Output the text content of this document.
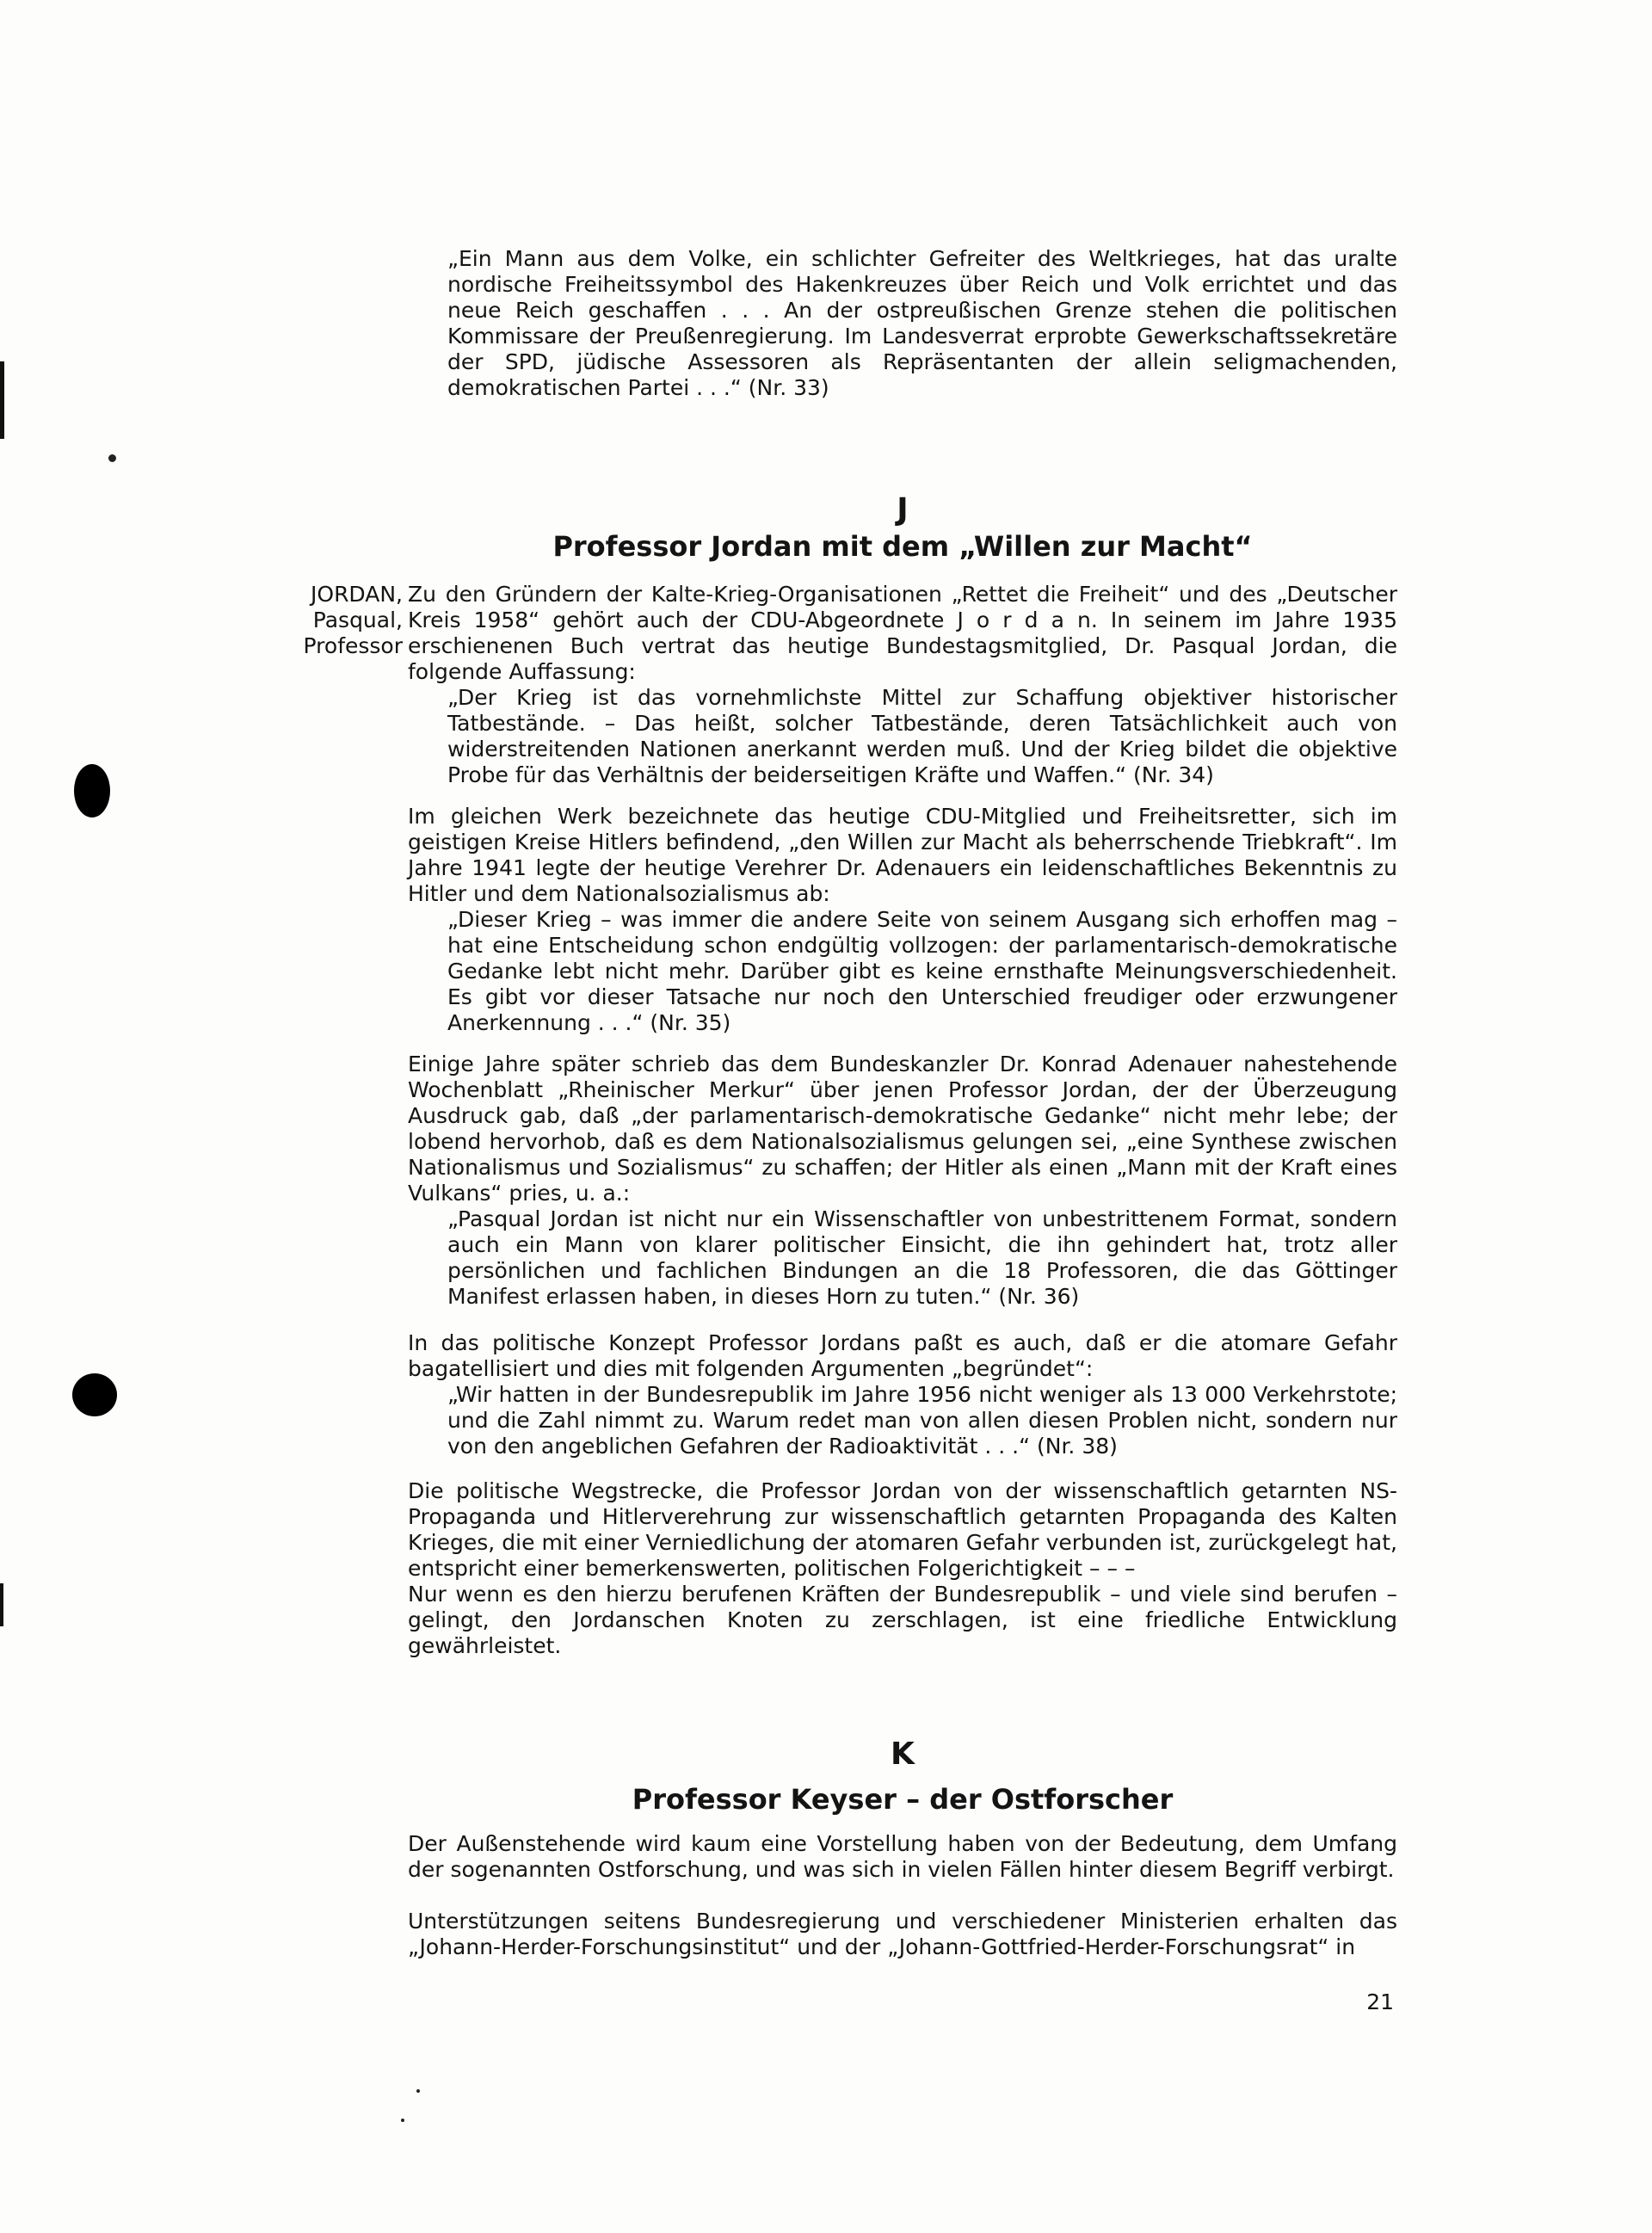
„Ein Mann aus dem Volke, ein schlichter Gefreiter des Weltkrieges, hat das uralte nordische Freiheitssymbol des Hakenkreuzes über Reich und Volk errichtet und das neue Reich geschaffen . . . An der ostpreußischen Grenze stehen die politischen Kommissare der Preußenregierung. Im Landesverrat erprobte Gewerkschaftssekretäre der SPD, jüdische Assessoren als Repräsentanten der allein seligmachenden, demokratischen Partei . . .“ (Nr. 33)
J
Professor Jordan mit dem „Willen zur Macht“
JORDAN,
Pasqual,
Professor
Zu den Gründern der Kalte-Krieg-Organisationen „Rettet die Freiheit“ und des „Deutscher Kreis 1958“ gehört auch der CDU-Abgeordnete J o r d a n. In seinem im Jahre 1935 erschienenen Buch vertrat das heutige Bundestagsmitglied, Dr. Pasqual Jordan, die folgende Auffassung:
„Der Krieg ist das vornehmlichste Mittel zur Schaffung objektiver historischer Tatbestände. – Das heißt, solcher Tatbestände, deren Tatsächlichkeit auch von widerstreitenden Nationen anerkannt werden muß. Und der Krieg bildet die objektive Probe für das Verhältnis der beiderseitigen Kräfte und Waffen.“ (Nr. 34)
Im gleichen Werk bezeichnete das heutige CDU-Mitglied und Freiheitsretter, sich im geistigen Kreise Hitlers befindend, „den Willen zur Macht als beherrschende Triebkraft“. Im Jahre 1941 legte der heutige Verehrer Dr. Adenauers ein leidenschaftliches Bekenntnis zu Hitler und dem Nationalsozialismus ab:
„Dieser Krieg – was immer die andere Seite von seinem Ausgang sich erhoffen mag – hat eine Entscheidung schon endgültig vollzogen: der parlamentarisch-demokratische Gedanke lebt nicht mehr. Darüber gibt es keine ernsthafte Meinungsverschiedenheit. Es gibt vor dieser Tatsache nur noch den Unterschied freudiger oder erzwungener Anerkennung . . .“ (Nr. 35)
Einige Jahre später schrieb das dem Bundeskanzler Dr. Konrad Adenauer nahestehende Wochenblatt „Rheinischer Merkur“ über jenen Professor Jordan, der der Überzeugung Ausdruck gab, daß „der parlamentarisch-demokratische Gedanke“ nicht mehr lebe; der lobend hervorhob, daß es dem Nationalsozialismus gelungen sei, „eine Synthese zwischen Nationalismus und Sozialismus“ zu schaffen; der Hitler als einen „Mann mit der Kraft eines Vulkans“ pries, u. a.:
„Pasqual Jordan ist nicht nur ein Wissenschaftler von unbestrittenem Format, sondern auch ein Mann von klarer politischer Einsicht, die ihn gehindert hat, trotz aller persönlichen und fachlichen Bindungen an die 18 Professoren, die das Göttinger Manifest erlassen haben, in dieses Horn zu tuten.“ (Nr. 36)
In das politische Konzept Professor Jordans paßt es auch, daß er die atomare Gefahr bagatellisiert und dies mit folgenden Argumenten „begründet“:
„Wir hatten in der Bundesrepublik im Jahre 1956 nicht weniger als 13 000 Verkehrstote; und die Zahl nimmt zu. Warum redet man von allen diesen Problen nicht, sondern nur von den angeblichen Gefahren der Radioaktivität . . .“ (Nr. 38)
Die politische Wegstrecke, die Professor Jordan von der wissenschaftlich getarnten NS-Propaganda und Hitlerverehrung zur wissenschaftlich getarnten Propaganda des Kalten Krieges, die mit einer Verniedlichung der atomaren Gefahr verbunden ist, zurückgelegt hat, entspricht einer bemerkenswerten, politischen Folgerichtigkeit – – –
Nur wenn es den hierzu berufenen Kräften der Bundesrepublik – und viele sind berufen – gelingt, den Jordanschen Knoten zu zerschlagen, ist eine friedliche Entwicklung gewährleistet.
K
Professor Keyser – der Ostforscher
Der Außenstehende wird kaum eine Vorstellung haben von der Bedeutung, dem Umfang der sogenannten Ostforschung, und was sich in vielen Fällen hinter diesem Begriff verbirgt.
Unterstützungen seitens Bundesregierung und verschiedener Ministerien erhalten das „Johann-Herder-Forschungsinstitut“ und der „Johann-Gottfried-Herder-Forschungsrat“ in
21
